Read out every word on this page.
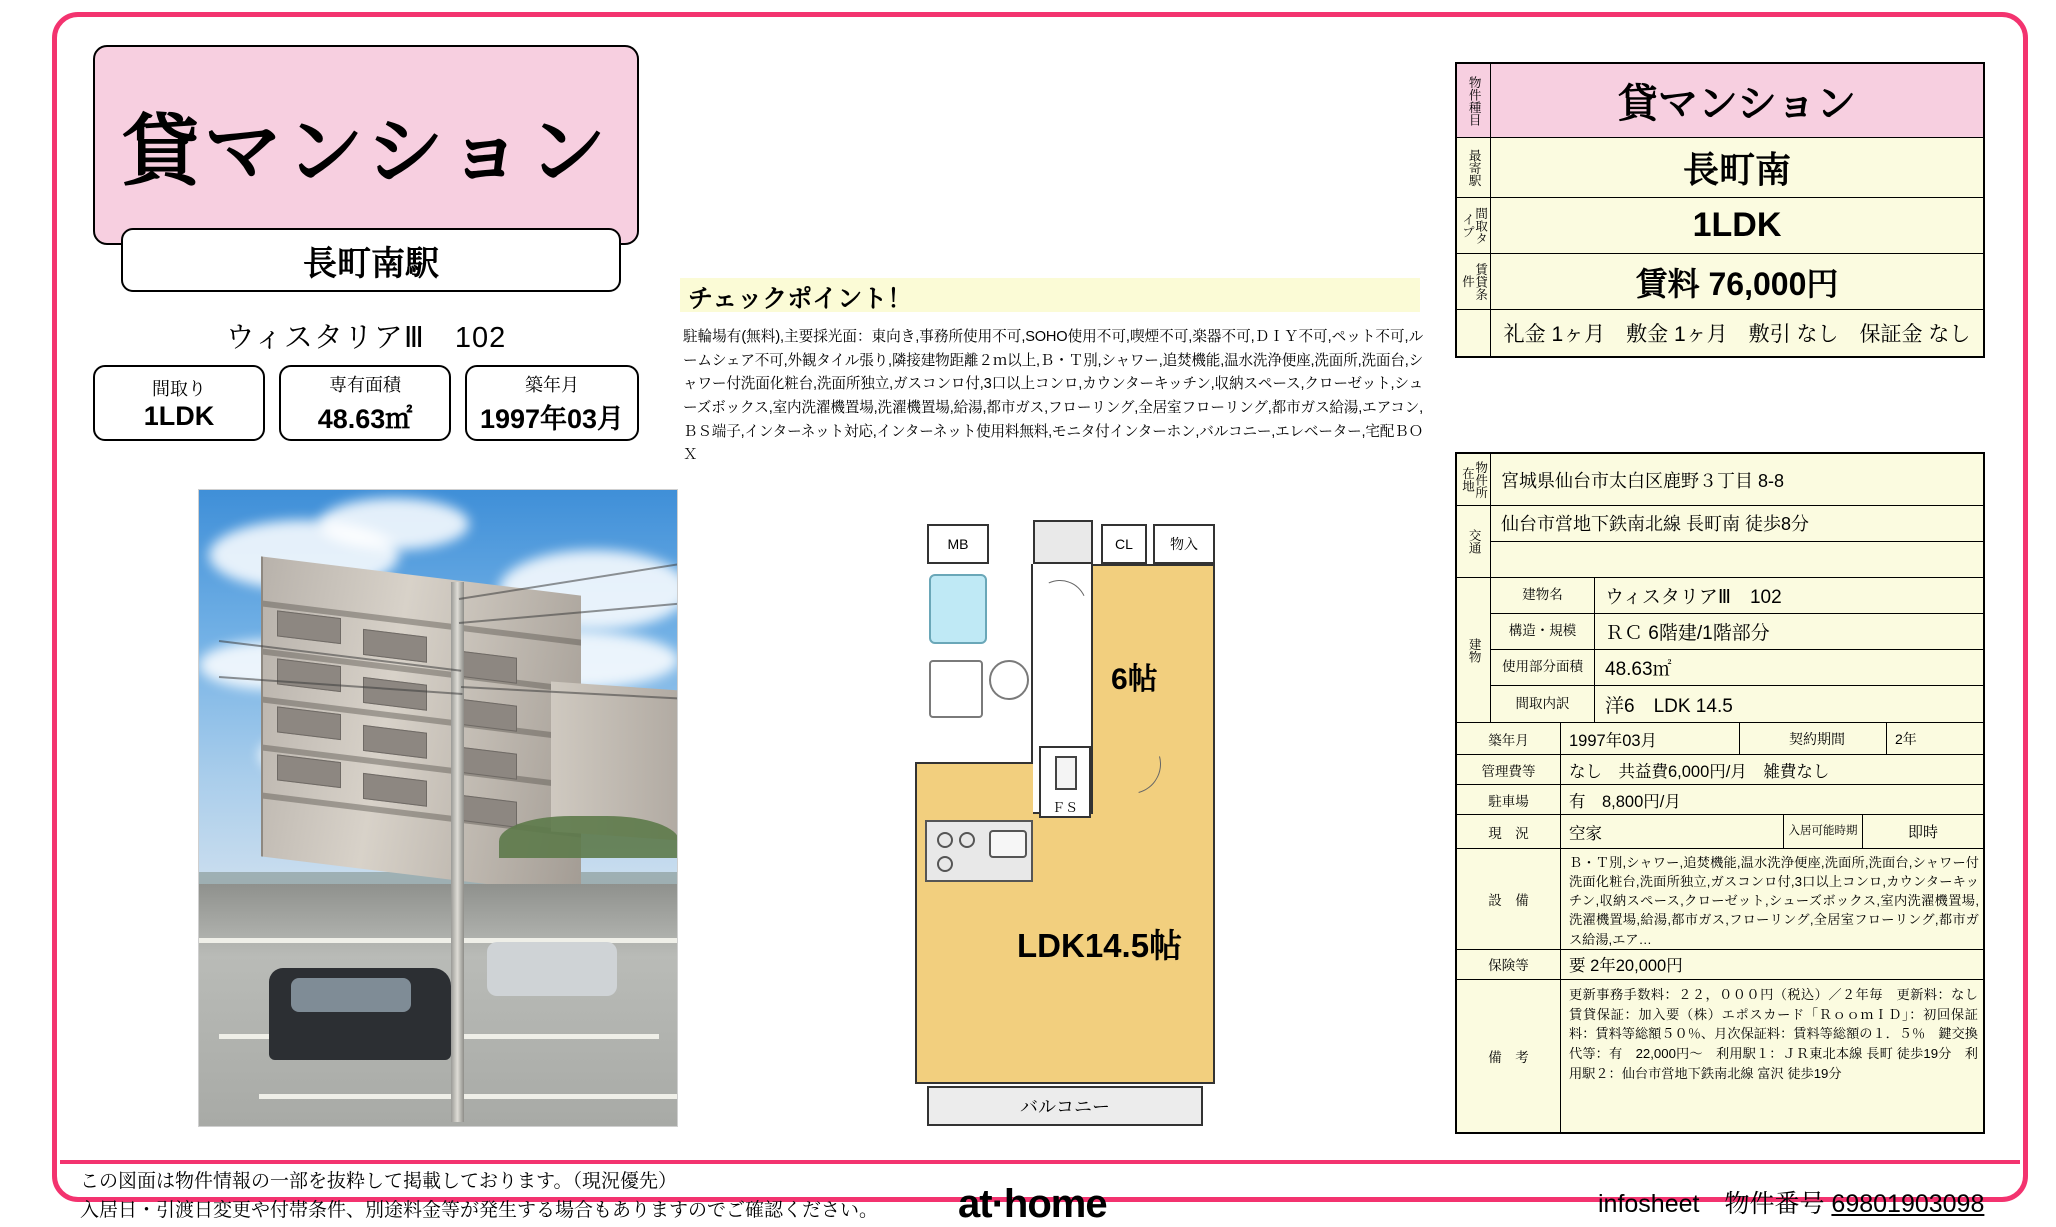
貸マンション
長町南駅
ウィスタリアⅢ　102
間取り
1LDK
専有面積
48.63㎡
築年月
1997年03月
チェックポイント！
駐輪場有(無料),主要採光面：東向き,事務所使用不可,SOHO使用不可,喫煙不可,楽器不可,ＤＩＹ不可,ペット不可,ルームシェア不可,外観タイル張り,隣接建物距離２ｍ以上,Ｂ・Ｔ別,シャワー,追焚機能,温水洗浄便座,洗面所,洗面台,シャワー付洗面化粧台,洗面所独立,ガスコンロ付,3口以上コンロ,カウンターキッチン,収納スペース,クローゼット,シューズボックス,室内洗濯機置場,洗濯機置場,給湯,都市ガス,フローリング,全居室フローリング,都市ガス給湯,エアコン,ＢＳ端子,インターネット対応,インターネット使用料無料,モニタ付インターホン,バルコニー,エレベーター,宅配ＢＯＸ
MB	CL	物入
ＦＳ
6帖
LDK14.5帖
バルコニー
物件種目	貸マンション
最寄駅	長町南
間取タイプ	1LDK
賃貸条件	賃料 76,000円
礼金 1ヶ月　敷金 1ヶ月　敷引 なし　保証金 なし
物件所在地	宮城県仙台市太白区鹿野３丁目 8-8
交通
仙台市営地下鉄南北線 長町南 徒歩8分
建物
建物名	ウィスタリアⅢ　102
構造・規模	ＲＣ 6階建/1階部分
使用部分面積	48.63㎡
間取内訳	洋6　LDK 14.5
築年月	1997年03月	契約期間	2年
管理費等	なし　共益費6,000円/月　雑費なし
駐車場	有　8,800円/月
現　況	空家	入居可能時期	即時
設　備
Ｂ・Ｔ別,シャワー,追焚機能,温水洗浄便座,洗面所,洗面台,シャワー付洗面化粧台,洗面所独立,ガスコンロ付,3口以上コンロ,カウンターキッチン,収納スペース,クローゼット,シューズボックス,室内洗濯機置場,洗濯機置場,給湯,都市ガス,フローリング,全居室フローリング,都市ガス給湯,エア…
保険等	要 2年20,000円
備　考
更新事務手数料：２２，０００円（税込）／２年毎　更新料：なし　賃貸保証：加入要（株）エポスカード「ＲｏｏｍＩＤ」：初回保証料：賃料等総額５０％、月次保証料：賃料等総額の１．５％　鍵交換代等：有　22,000円～　利用駅１：ＪＲ東北本線 長町 徒歩19分　利用駅２：仙台市営地下鉄南北線 富沢 徒歩19分
この図面は物件情報の一部を抜粋して掲載しております。（現況優先）
入居日・引渡日変更や付帯条件、別途料金等が発生する場合もありますのでご確認ください。	at·home	infosheet　物件番号 69801903098
